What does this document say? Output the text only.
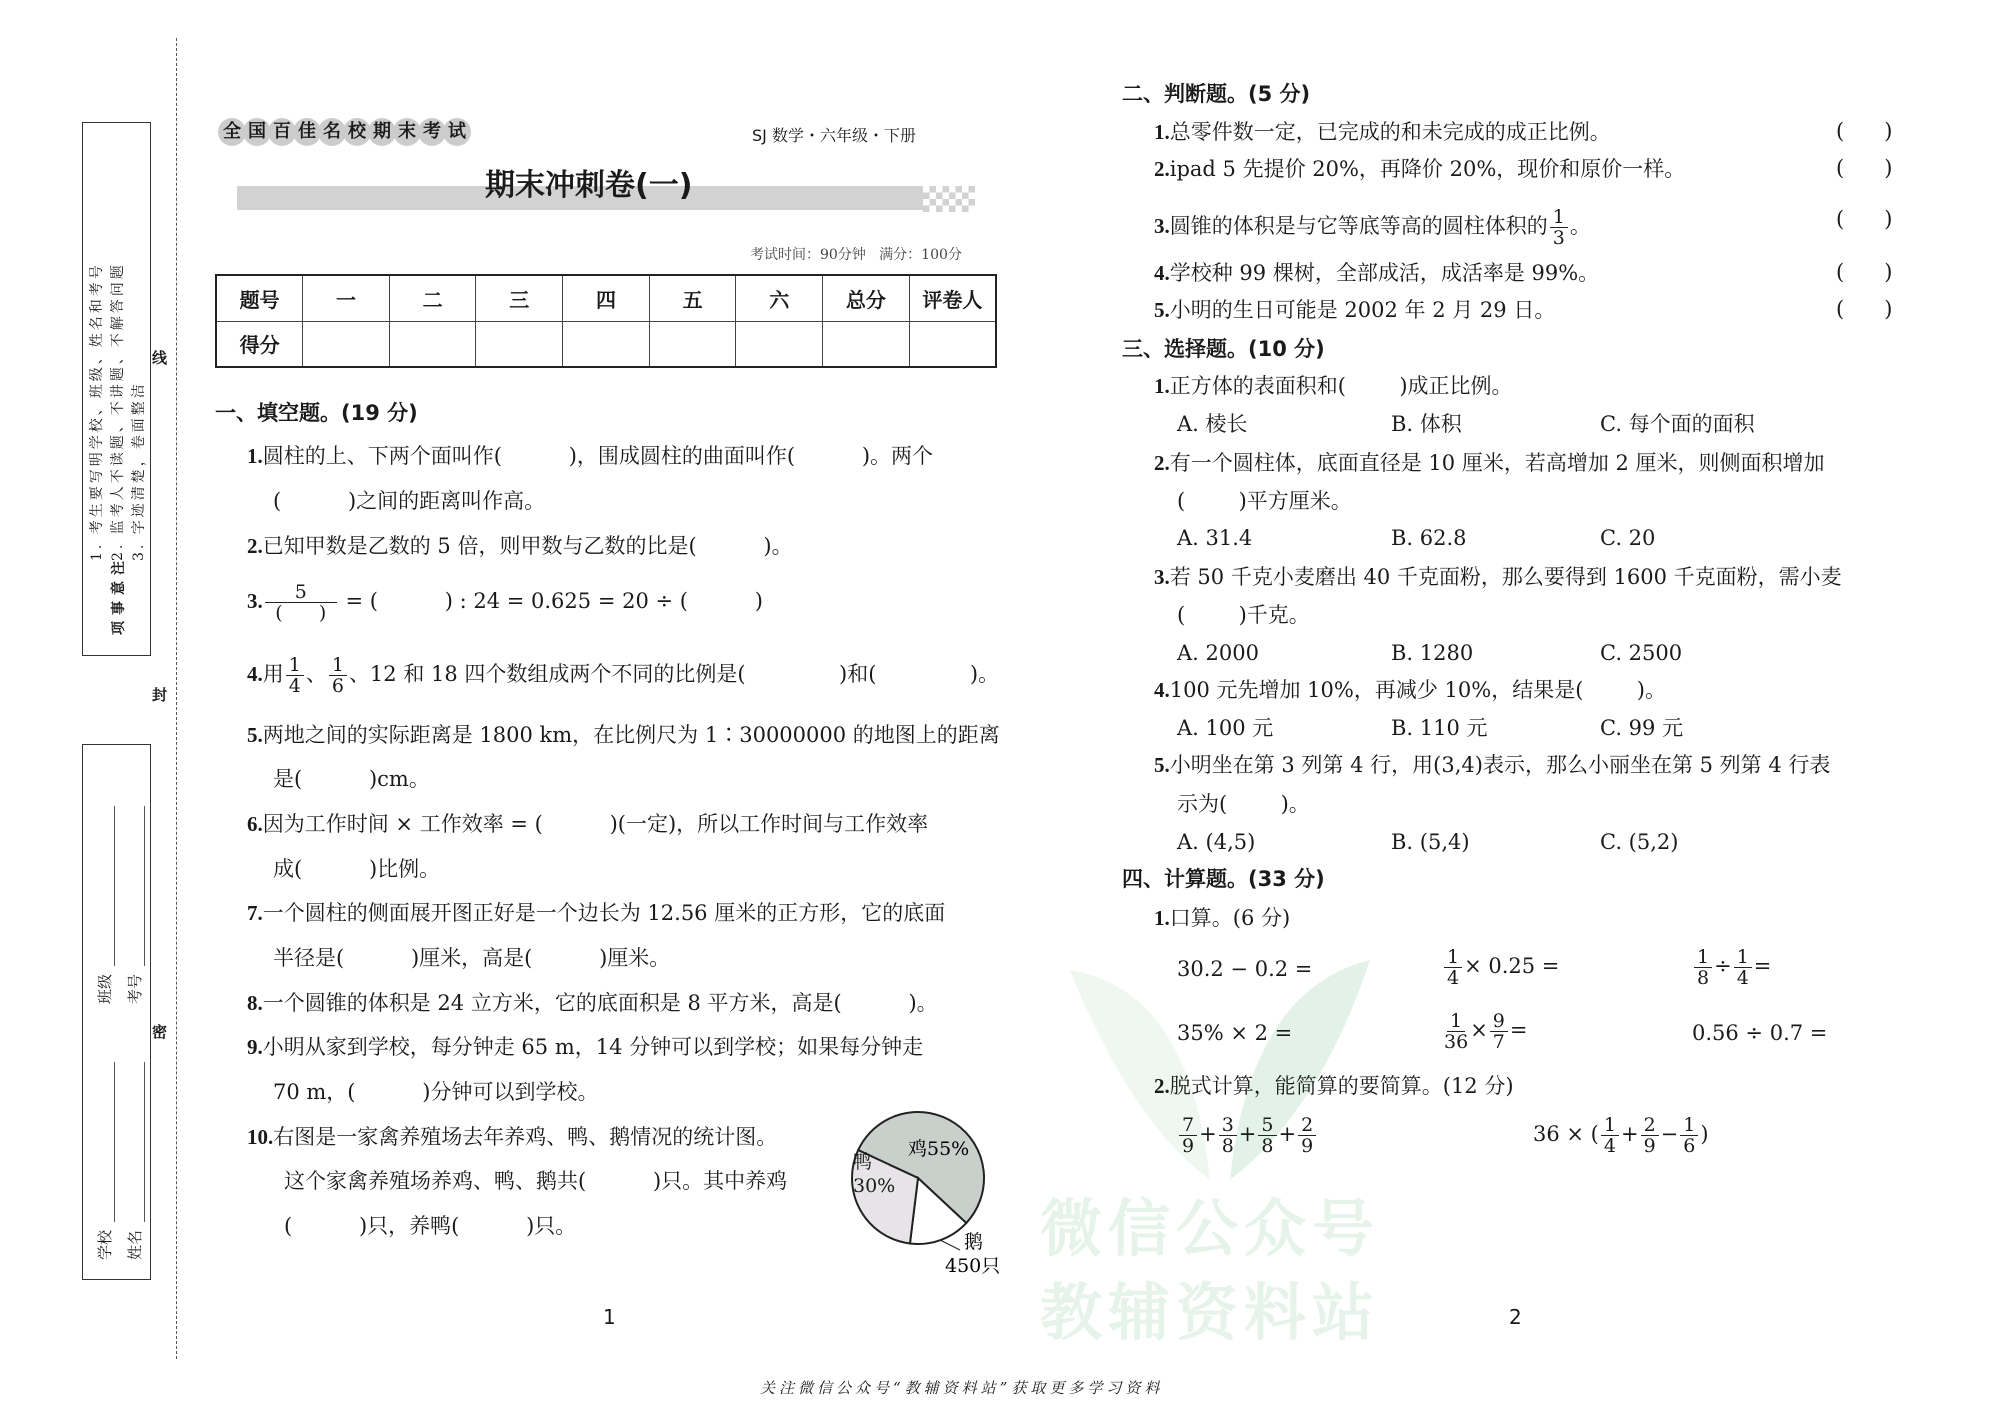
微信公众号
教辅资料站
注
意
事
项
1. 考生要写明学校、班级、姓名和考号 2. 监考人不读题、不讲题、不解答问题 3. 字迹清楚，卷面整洁
学校
班级
姓名
考号
线
封
密
全 国 百 佳 名 校 期 末 考 试	SJ 数学・六年级・下册
期末冲刺卷(一)
考试时间：90分钟   满分：100分
题号	一	二	三	四	五	六	总分	评卷人
得分								
一、填空题。(19 分)
1.圆柱的上、下两个面叫作(          )，围成圆柱的曲面叫作(          )。两个
(          )之间的距离叫作高。
2.已知甲数是乙数的 5 倍，则甲数与乙数的比是(          )。
3. $\frac{5}{( )}$ = (          ) : 24 = 0.625 = 20 ÷ (          )
4.用 $\frac{1}{4}$ 、 $\frac{1}{6}$ 、12 和 18 四个数组成两个不同的比例是(              )和(              )。
5.两地之间的实际距离是 1800 km，在比例尺为 1∶30000000 的地图上的距离
是(          )cm。
6.因为工作时间 × 工作效率 = (          )(一定)，所以工作时间与工作效率
成(          )比例。
7.一个圆柱的侧面展开图正好是一个边长为 12.56 厘米的正方形，它的底面
半径是(          )厘米，高是(          )厘米。
8.一个圆锥的体积是 24 立方米，它的底面积是 8 平方米，高是(          )。
9.小明从家到学校，每分钟走 65 m，14 分钟可以到学校；如果每分钟走
70 m，(          )分钟可以到学校。
10.右图是一家禽养殖场去年养鸡、鸭、鹅情况的统计图。
这个家禽养殖场养鸡、鸭、鹅共(          )只。其中养鸡
(          )只，养鸭(          )只。
鸡55%
鹅
450只
鸭30%
二、判断题。(5 分)
1.总零件数一定，已完成的和未完成的成正比例。	(      )
2.ipad 5 先提价 20%，再降价 20%，现价和原价一样。	(      )
3.圆锥的体积是与它等底等高的圆柱体积的 $\frac{1}{3}$ 。	(      )
4.学校种 99 棵树，全部成活，成活率是 99%。	(      )
5.小明的生日可能是 2002 年 2 月 29 日。	(      )
三、选择题。(10 分)
1.正方体的表面积和(        )成正比例。
A. 棱长	B. 体积	C. 每个面的面积
2.有一个圆柱体，底面直径是 10 厘米，若高增加 2 厘米，则侧面积增加
(        )平方厘米。
A. 31.4	B. 62.8	C. 20
3.若 50 千克小麦磨出 40 千克面粉，那么要得到 1600 千克面粉，需小麦
(        )千克。
A. 2000	B. 1280	C. 2500
4.100 元先增加 10%，再减少 10%，结果是(        )。
A. 100 元	B. 110 元	C. 99 元
5.小明坐在第 3 列第 4 行，用(3,4)表示，那么小丽坐在第 5 列第 4 行表
示为(        )。
A. (4,5)	B. (5,4)	C. (5,2)
四、计算题。(33 分)
1.口算。(6 分)
30.2 − 0.2 =	$\frac{1}{4} \times 0.25$ =	$\frac{1}{8} \div \frac{1}{4}$ =
35% × 2 =	$\frac{1}{36} \times \frac{9}{7}$ =	0.56 ÷ 0.7 =
2.脱式计算，能简算的要简算。(12 分)
$\frac{7}{9} + \frac{3}{8} + \frac{5}{8} + \frac{2}{9}$	36 × ( $\frac{1}{4} + \frac{2}{9} - \frac{1}{6}$ )
1	2
关注微信公众号“教辅资料站”获取更多学习资料
